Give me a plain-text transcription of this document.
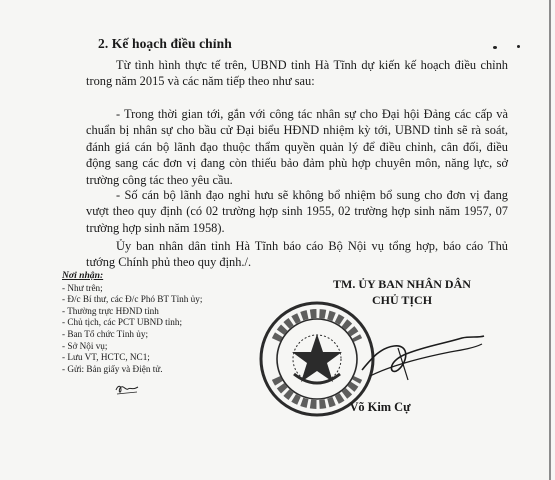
2. Kế hoạch điều chỉnh

Từ tình hình thực tế trên, UBND tỉnh Hà Tĩnh dự kiến kế hoạch điều chỉnh trong năm 2015 và các năm tiếp theo như sau:

- Trong thời gian tới, gắn với công tác nhân sự cho Đại hội Đảng các cấp và chuẩn bị nhân sự cho bầu cử Đại biểu HĐND nhiệm kỳ tới, UBND tỉnh sẽ rà soát, đánh giá cán bộ lãnh đạo thuộc thẩm quyền quản lý để điều chỉnh, cân đối, điều động sang các đơn vị đang còn thiếu bảo đảm phù hợp chuyên môn, năng lực, sở trường công tác theo yêu cầu.

- Số cán bộ lãnh đạo nghỉ hưu sẽ không bổ nhiệm bổ sung cho đơn vị đang vượt theo quy định (có 02 trường hợp sinh 1955, 02 trường hợp sinh năm 1957, 07 trường hợp sinh năm 1958).

Ủy ban nhân dân tỉnh Hà Tĩnh báo cáo Bộ Nội vụ tổng hợp, báo cáo Thủ tướng Chính phủ theo quy định./.

Nơi nhận:
- Như trên;
- Đ/c Bí thư, các Đ/c Phó BT Tỉnh ủy;
- Thường trực HĐND tỉnh
- Chủ tịch, các PCT UBND tỉnh;
- Ban Tổ chức Tỉnh ủy;
- Sở Nội vụ;
- Lưu VT, HCTC, NC1;
- Gửi: Bản giấy và Điện tử.
TM. ỦY BAN NHÂN DÂN
CHỦ TỊCH
Võ Kim Cự
